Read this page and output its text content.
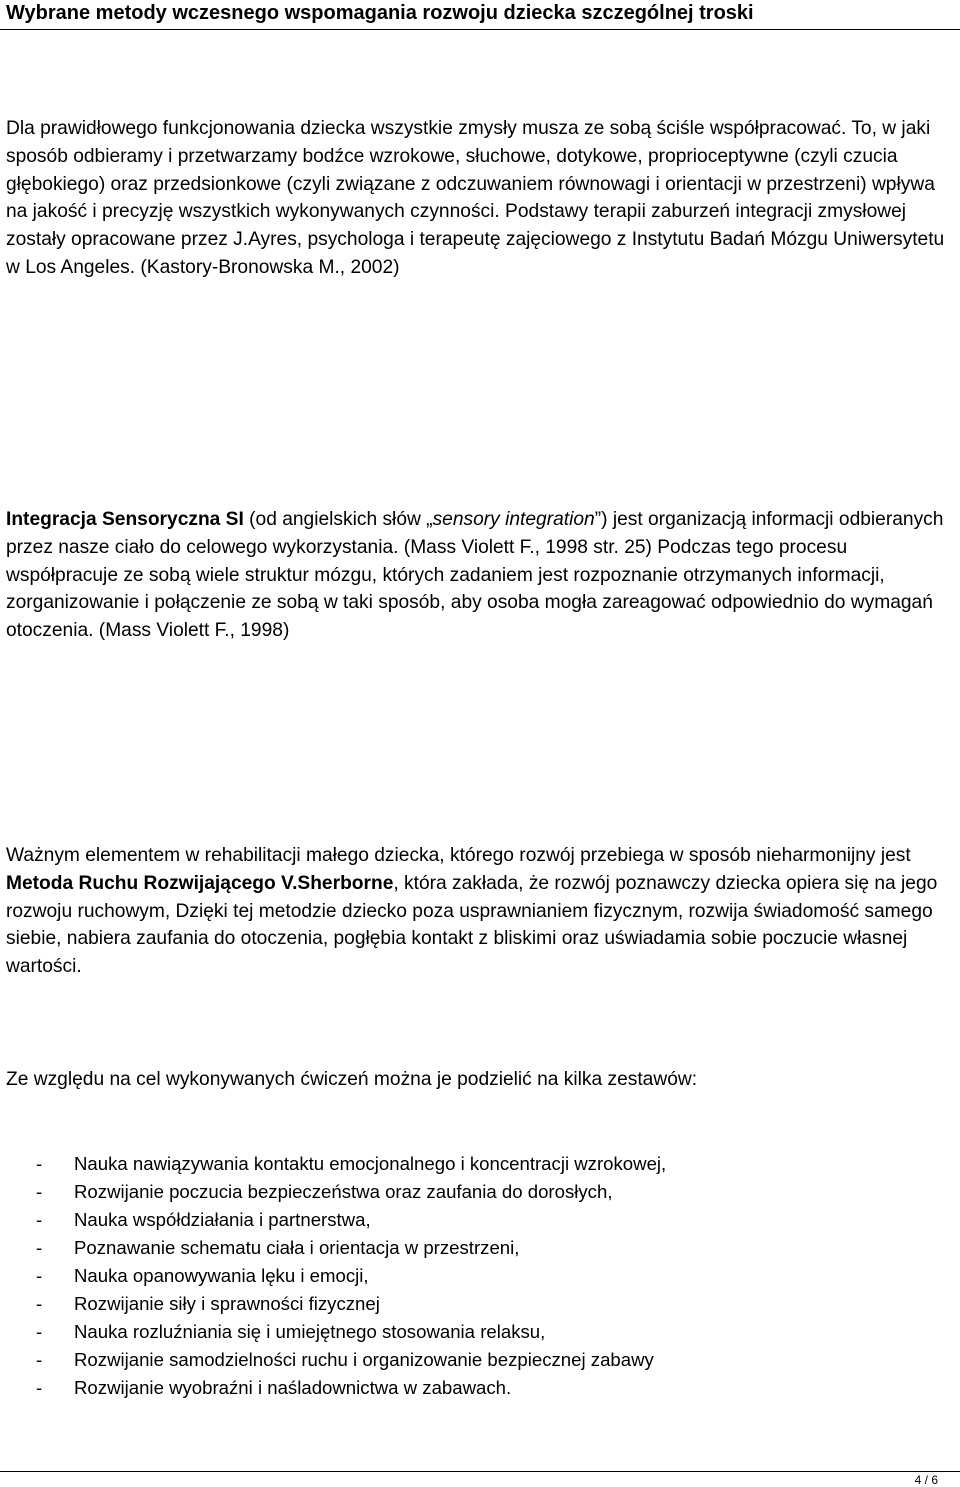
Wybrane metody wczesnego wspomagania rozwoju dziecka szczególnej troski

Dla prawidłowego funkcjonowania dziecka wszystkie zmysły musza ze sobą ściśle współpracować. To, w jaki sposób odbieramy i przetwarzamy bodźce wzrokowe, słuchowe, dotykowe, proprioceptywne (czyli czucia głębokiego) oraz przedsionkowe (czyli związane z odczuwaniem równowagi i orientacji w przestrzeni) wpływa na jakość i precyzję wszystkich wykonywanych czynności. Podstawy terapii zaburzeń integracji zmysłowej zostały opracowane przez J.Ayres, psychologa i terapeutę zajęciowego z Instytutu Badań Mózgu Uniwersytetu w Los Angeles. (Kastory-Bronowska M., 2002)

Integracja Sensoryczna SI (od angielskich słów „sensory integration”) jest organizacją informacji odbieranych przez nasze ciało do celowego wykorzystania. (Mass Violett F., 1998 str. 25) Podczas tego procesu współpracuje ze sobą wiele struktur mózgu, których zadaniem jest rozpoznanie otrzymanych informacji, zorganizowanie i połączenie ze sobą w taki sposób, aby osoba mogła zareagować odpowiednio do wymagań otoczenia. (Mass Violett F., 1998)

Ważnym elementem w rehabilitacji małego dziecka, którego rozwój przebiega w sposób nieharmonijny jest Metoda Ruchu Rozwijającego V.Sherborne, która zakłada, że rozwój poznawczy dziecka opiera się na jego rozwoju ruchowym, Dzięki tej metodzie dziecko poza usprawnianiem fizycznym, rozwija świadomość samego siebie, nabiera zaufania do otoczenia, pogłębia kontakt z bliskimi oraz uświadamia sobie poczucie własnej wartości.

Ze względu na cel wykonywanych ćwiczeń można je podzielić na kilka zestawów:

- Nauka nawiązywania kontaktu emocjonalnego i koncentracji wzrokowej,
- Rozwijanie poczucia bezpieczeństwa oraz zaufania do dorosłych,
- Nauka współdziałania i partnerstwa,
- Poznawanie schematu ciała i orientacja w przestrzeni,
- Nauka opanowywania lęku i emocji,
- Rozwijanie siły i sprawności fizycznej
- Nauka rozluźniania się i umiejętnego stosowania relaksu,
- Rozwijanie samodzielności ruchu i organizowanie bezpiecznej zabawy
- Rozwijanie wyobraźni i naśladownictwa w zabawach.
4 / 6
